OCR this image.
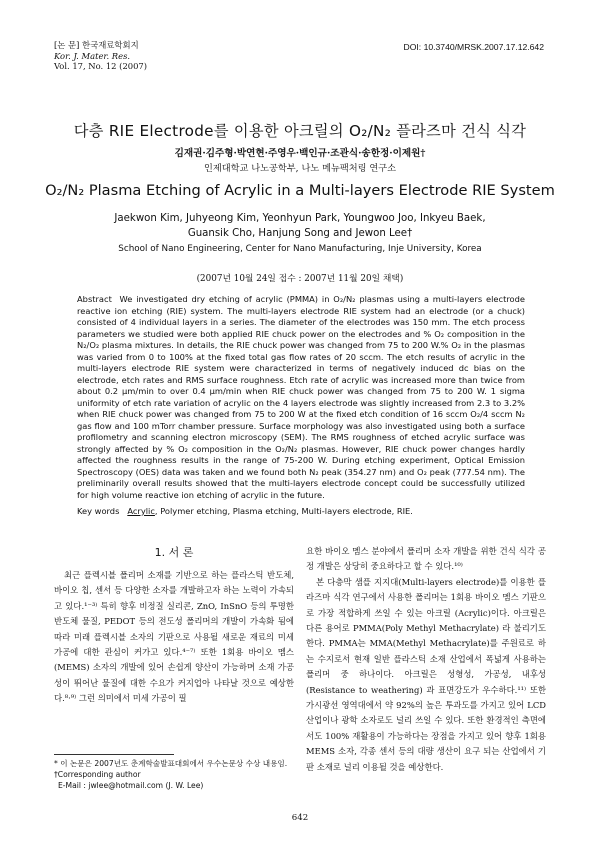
[논 문] 한국재료학회지
Kor. J. Mater. Res.
Vol. 17, No. 12 (2007)
DOI: 10.3740/MRSK.2007.17.12.642
다층 RIE Electrode를 이용한 아크릴의 O₂/N₂ 플라즈마 건식 식각
김재권·김주형·박연현·주영우·백인규·조관식·송한정·이제원†
인제대학교 나노공학부, 나노 메뉴팩처링 연구소
O₂/N₂ Plasma Etching of Acrylic in a Multi-layers Electrode RIE System
Jaekwon Kim, Juhyeong Kim, Yeonhyun Park, Youngwoo Joo, Inkyeu Baek,
Guansik Cho, Hanjung Song and Jewon Lee†
School of Nano Engineering, Center for Nano Manufacturing, Inje University, Korea
(2007년 10월 24일 접수 : 2007년 11월 20일 채택)
Abstract We investigated dry etching of acrylic (PMMA) in O₂/N₂ plasmas using a multi-layers electrode reactive ion etching (RIE) system. The multi-layers electrode RIE system had an electrode (or a chuck) consisted of 4 individual layers in a series. The diameter of the electrodes was 150 mm. The etch process parameters we studied were both applied RIE chuck power on the electrodes and % O₂ composition in the N₂/O₂ plasma mixtures. In details, the RIE chuck power was changed from 75 to 200 W.% O₂ in the plasmas was varied from 0 to 100% at the fixed total gas flow rates of 20 sccm. The etch results of acrylic in the multi-layers electrode RIE system were characterized in terms of negatively induced dc bias on the electrode, etch rates and RMS surface roughness. Etch rate of acrylic was increased more than twice from about 0.2 μm/min to over 0.4 μm/min when RIE chuck power was changed from 75 to 200 W. 1 sigma uniformity of etch rate variation of acrylic on the 4 layers electrode was slightly increased from 2.3 to 3.2% when RIE chuck power was changed from 75 to 200 W at the fixed etch condition of 16 sccm O₂/4 sccm N₂ gas flow and 100 mTorr chamber pressure. Surface morphology was also investigated using both a surface profilometry and scanning electron microscopy (SEM). The RMS roughness of etched acrylic surface was strongly affected by % O₂ composition in the O₂/N₂ plasmas. However, RIE chuck power changes hardly affected the roughness results in the range of 75-200 W. During etching experiment, Optical Emission Spectroscopy (OES) data was taken and we found both N₂ peak (354.27 nm) and O₂ peak (777.54 nm). The preliminarily overall results showed that the multi-layers electrode concept could be successfully utilized for high volume reactive ion etching of acrylic in the future.
Key words Acrylic, Polymer etching, Plasma etching, Multi-layers electrode, RIE.
1. 서 론
최근 플렉시블 폴리머 소재를 기반으로 하는 플라스틱 반도체, 바이오 칩, 센서 등 다양한 소자를 개발하고자 하는 노력이 가속되고 있다.¹⁻³⁾ 특히 향후 비정질 실리콘, ZnO, InSnO 등의 투명한 반도체 물질, PEDOT 등의 전도성 폴리머의 개발이 가속화 됨에 따라 미래 플렉시블 소자의 기판으로 사용될 새로운 재료의 미세 가공에 대한 관심이 커가고 있다.⁴⁻⁷⁾ 또한 1회용 바이오 멤스(MEMS) 소자의 개발에 있어 손쉽게 양산이 가능하며 소재 가공성이 뛰어난 물질에 대한 수요가 커지업아 나타날 것으로 예상한다.⁸·⁹⁾ 그런 의미에서 미세 가공이 필
요한 바이오 멤스 분야에서 폴리머 소자 개발을 위한 건식 식각 공정 개발은 상당히 중요하다고 할 수 있다.¹⁰⁾
본 다층막 샘플 지지대(Multi-layers electrode)를 이용한 플라즈마 식각 연구에서 사용한 폴리머는 1회용 바이오 멤스 기판으로 가장 적합하게 쓰일 수 있는 아크릴 (Acrylic)이다. 아크릴은 다른 용어로 PMMA(Poly Methyl Methacrylate) 라 불리기도 한다. PMMA는 MMA(Methyl Methacrylate)를 주원료로 하는 수지로서 현재 일반 플라스틱 소재 산업에서 폭넓게 사용하는 폴리머 중 하나이다. 아크릴은 성형성, 가공성, 내후성 (Resistance to weathering) 과 표면강도가 우수하다.¹¹⁾ 또한 가시광선 영역대에서 약 92%의 높은 투과도를 가지고 있어 LCD 산업이나 광학 소자로도 널리 쓰일 수 있다. 또한 환경적인 측면에서도 100% 재활용이 가능하다는 장점을 가지고 있어 향후 1회용 MEMS 소자, 각종 센서 등의 대량 생산이 요구 되는 산업에서 기판 소재로 널리 이용될 것을 예상한다.
* 이 논문은 2007년도 춘계학술발표대회에서 우수논문상 수상 내용임.
†Corresponding author
E-Mail : jwlee@hotmail.com (J. W. Lee)
642
